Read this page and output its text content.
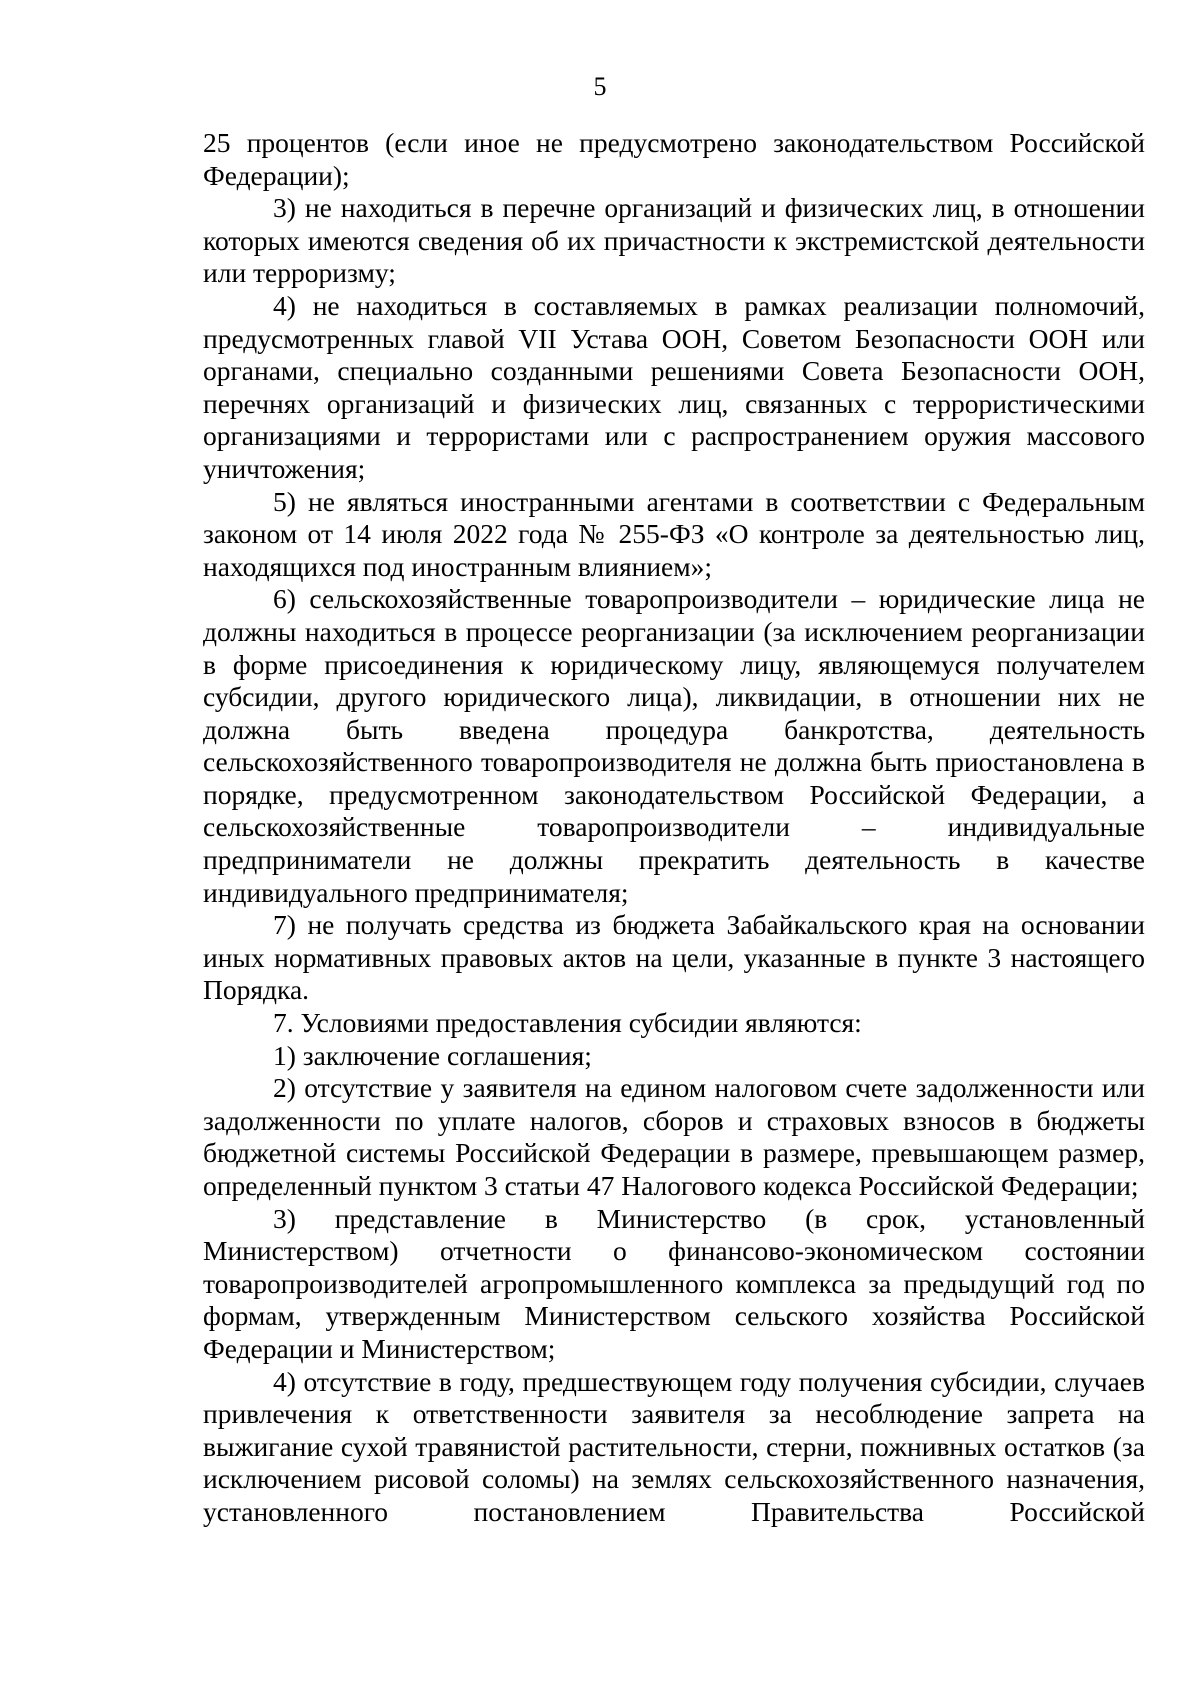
5

25 процентов (если иное не предусмотрено законодательством Российской Федерации);

3) не находиться в перечне организаций и физических лиц, в отношении которых имеются сведения об их причастности к экстремистской деятельности или терроризму;

4) не находиться в составляемых в рамках реализации полномочий, предусмотренных главой VII Устава ООН, Советом Безопасности ООН или органами, специально созданными решениями Совета Безопасности ООН, перечнях организаций и физических лиц, связанных с террористическими организациями и террористами или с распространением оружия массового уничтожения;

5) не являться иностранными агентами в соответствии с Федеральным законом от 14 июля 2022 года № 255-ФЗ «О контроле за деятельностью лиц, находящихся под иностранным влиянием»;

6) сельскохозяйственные товаропроизводители – юридические лица не должны находиться в процессе реорганизации (за исключением реорганизации в форме присоединения к юридическому лицу, являющемуся получателем субсидии, другого юридического лица), ликвидации, в отношении них не должна быть введена процедура банкротства, деятельность сельскохозяйственного товаропроизводителя не должна быть приостановлена в порядке, предусмотренном законодательством Российской Федерации, а сельскохозяйственные товаропроизводители – индивидуальные предприниматели не должны прекратить деятельность в качестве индивидуального предпринимателя;

7) не получать средства из бюджета Забайкальского края на основании иных нормативных правовых актов на цели, указанные в пункте 3 настоящего Порядка.

7. Условиями предоставления субсидии являются:

1) заключение соглашения;

2) отсутствие у заявителя на едином налоговом счете задолженности или задолженности по уплате налогов, сборов и страховых взносов в бюджеты бюджетной системы Российской Федерации в размере, превышающем размер, определенный пунктом 3 статьи 47 Налогового кодекса Российской Федерации;

3) представление в Министерство (в срок, установленный Министерством) отчетности о финансово-экономическом состоянии товаропроизводителей агропромышленного комплекса за предыдущий год по формам, утвержденным Министерством сельского хозяйства Российской Федерации и Министерством;

4) отсутствие в году, предшествующем году получения субсидии, случаев привлечения к ответственности заявителя за несоблюдение запрета на выжигание сухой травянистой растительности, стерни, пожнивных остатков (за исключением рисовой соломы) на землях сельскохозяйственного назначения, установленного постановлением Правительства Российской
